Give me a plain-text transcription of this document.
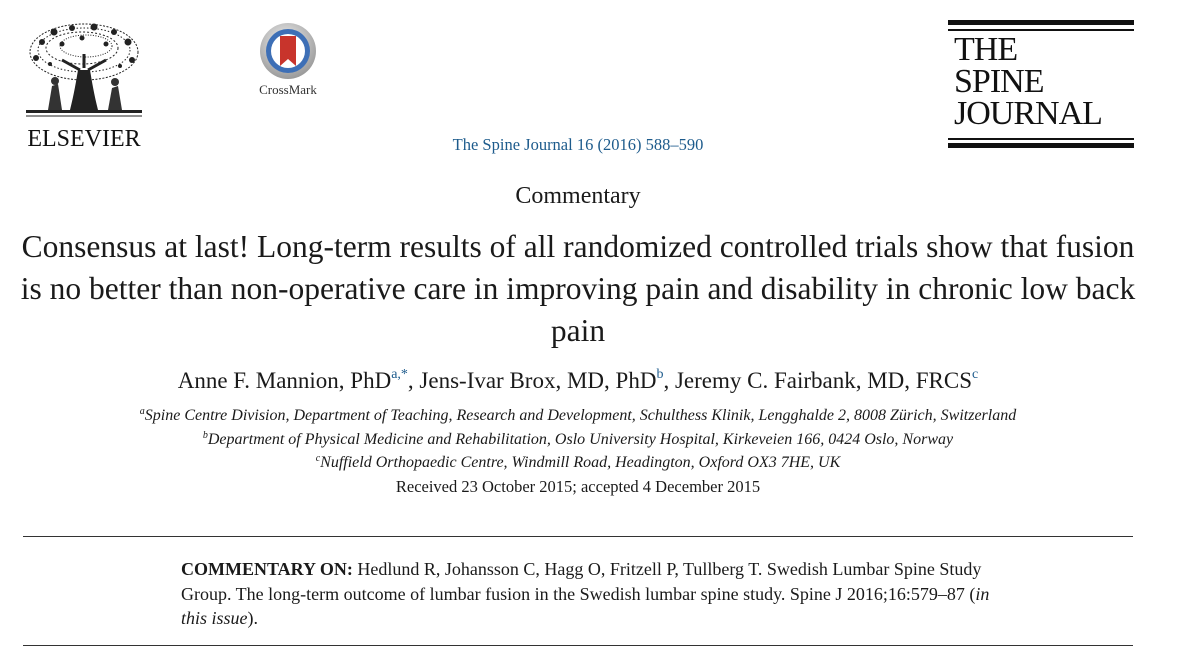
ELSEVIER
CrossMark
The Spine Journal 16 (2016) 588–590
THE
SPINE
JOURNAL
Commentary
Consensus at last! Long-term results of all randomized controlled trials show that fusion is no better than non-operative care in improving pain and disability in chronic low back pain
Anne F. Mannion, PhD$^{a,*}$, Jens-Ivar Brox, MD, PhD$^b$, Jeremy C. Fairbank, MD, FRCS$^c$
$^a$Spine Centre Division, Department of Teaching, Research and Development, Schulthess Klinik, Lengghalde 2, 8008 Zürich, Switzerland
$^b$Department of Physical Medicine and Rehabilitation, Oslo University Hospital, Kirkeveien 166, 0424 Oslo, Norway
$^c$Nuffield Orthopaedic Centre, Windmill Road, Headington, Oxford OX3 7HE, UK
Received 23 October 2015; accepted 4 December 2015
COMMENTARY ON: Hedlund R, Johansson C, Hagg O, Fritzell P, Tullberg T. Swedish Lumbar Spine Study Group. The long-term outcome of lumbar fusion in the Swedish lumbar spine study. Spine J 2016;16:579–87 (in this issue).
